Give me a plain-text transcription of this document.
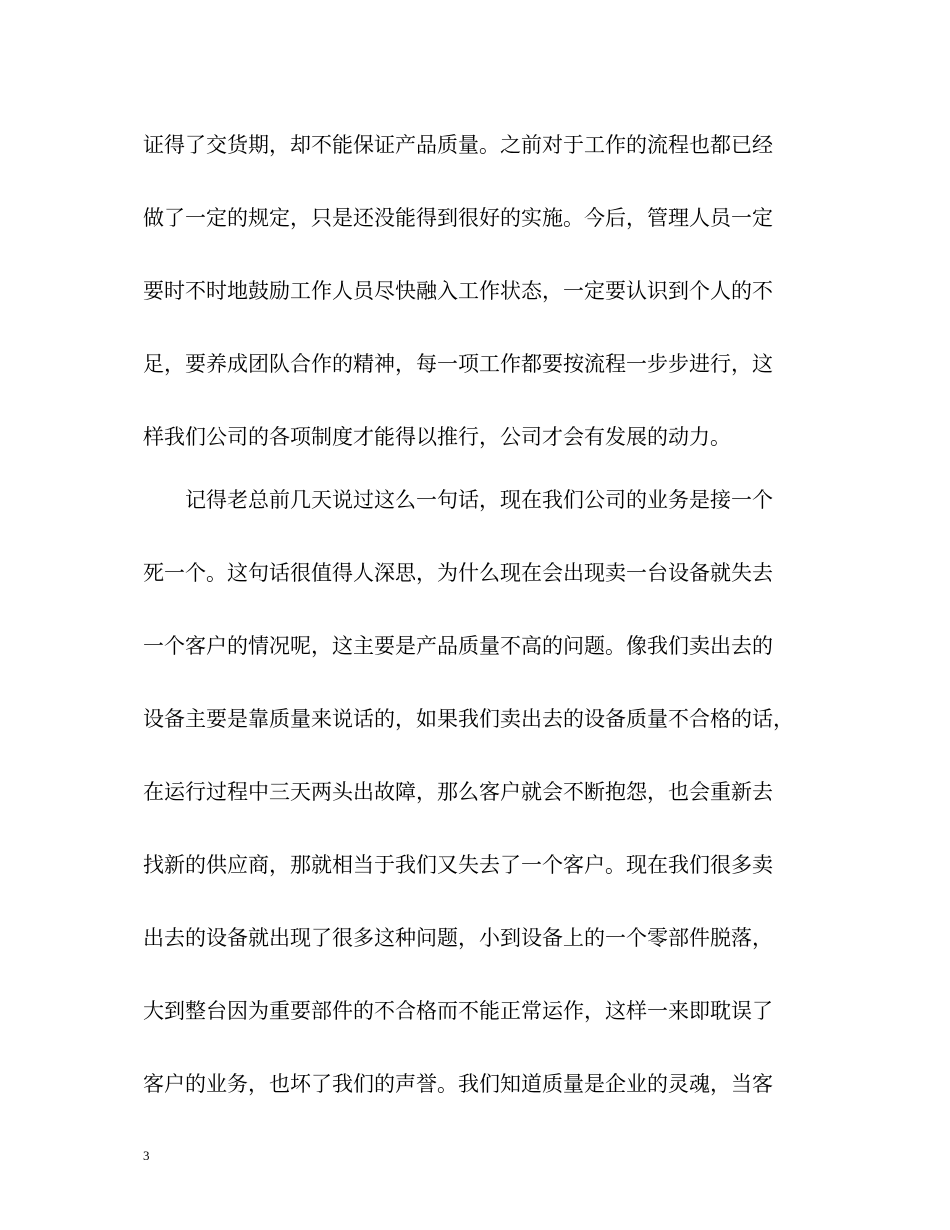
证得了交货期，却不能保证产品质量。之前对于工作的流程也都已经
做了一定的规定，只是还没能得到很好的实施。今后，管理人员一定
要时不时地鼓励工作人员尽快融入工作状态，一定要认识到个人的不
足，要养成团队合作的精神，每一项工作都要按流程一步步进行，这
样我们公司的各项制度才能得以推行，公司才会有发展的动力。
　　记得老总前几天说过这么一句话，现在我们公司的业务是接一个
死一个。这句话很值得人深思，为什么现在会出现卖一台设备就失去
一个客户的情况呢，这主要是产品质量不高的问题。像我们卖出去的
设备主要是靠质量来说话的，如果我们卖出去的设备质量不合格的话，
在运行过程中三天两头出故障，那么客户就会不断抱怨，也会重新去
找新的供应商，那就相当于我们又失去了一个客户。现在我们很多卖
出去的设备就出现了很多这种问题，小到设备上的一个零部件脱落，
大到整台因为重要部件的不合格而不能正常运作，这样一来即耽误了
客户的业务，也坏了我们的声誉。我们知道质量是企业的灵魂，当客
3
